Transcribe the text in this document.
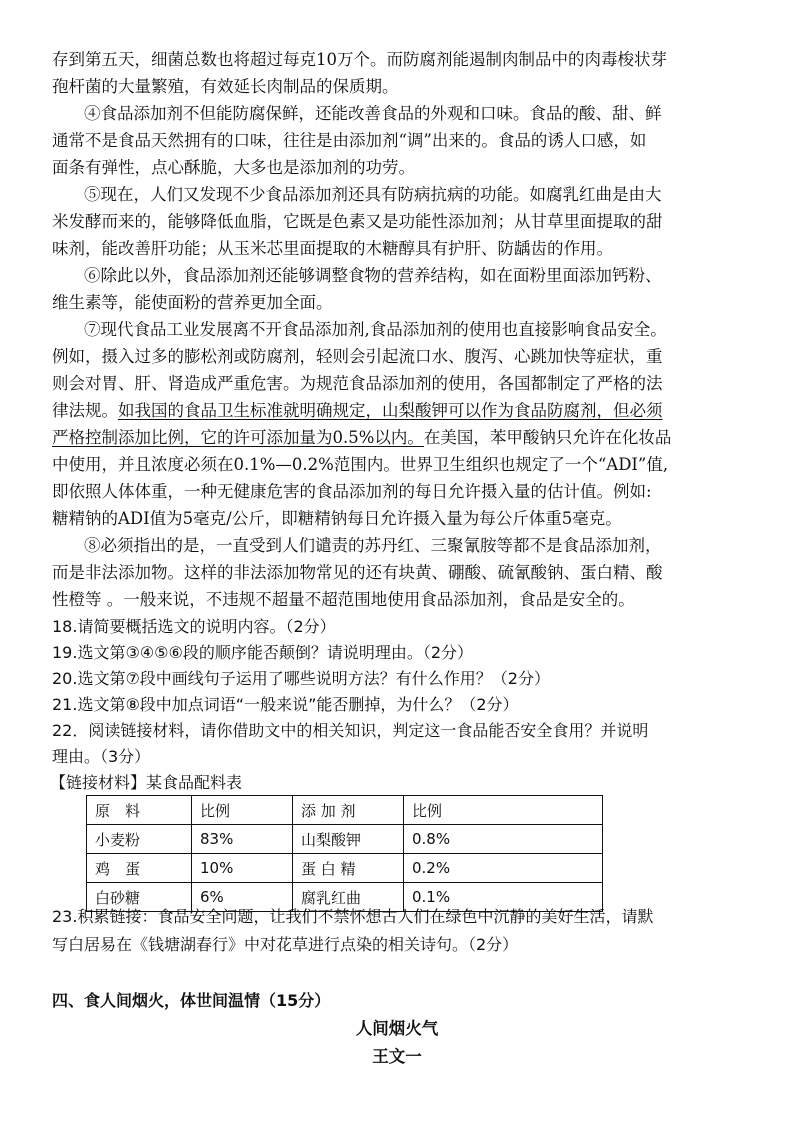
存到第五天，细菌总数也将超过每克10万个。而防腐剂能遏制肉制品中的肉毒梭状芽
孢杆菌的大量繁殖，有效延长肉制品的保质期。
④食品添加剂不但能防腐保鲜，还能改善食品的外观和口味。食品的酸、甜、鲜
通常不是食品天然拥有的口味，往往是由添加剂“调”出来的。食品的诱人口感，如
面条有弹性，点心酥脆，大多也是添加剂的功劳。
⑤现在，人们又发现不少食品添加剂还具有防病抗病的功能。如腐乳红曲是由大
米发酵而来的，能够降低血脂，它既是色素又是功能性添加剂；从甘草里面提取的甜
味剂，能改善肝功能；从玉米芯里面提取的木糖醇具有护肝、防龋齿的作用。
⑥除此以外，食品添加剂还能够调整食物的营养结构，如在面粉里面添加钙粉、
维生素等，能使面粉的营养更加全面。
⑦现代食品工业发展离不开食品添加剂,食品添加剂的使用也直接影响食品安全。
例如，摄入过多的膨松剂或防腐剂，轻则会引起流口水、腹泻、心跳加快等症状，重
则会对胃、肝、肾造成严重危害。为规范食品添加剂的使用，各国都制定了严格的法
律法规。如我国的食品卫生标准就明确规定，山梨酸钾可以作为食品防腐剂，但必须
严格控制添加比例，它的许可添加量为0.5%以内。在美国，苯甲酸钠只允许在化妆品
中使用，并且浓度必须在0.1%—0.2%范围内。世界卫生组织也规定了一个“ADI”值,
即依照人体体重，一种无健康危害的食品添加剂的每日允许摄入量的估计值。例如:
糖精钠的ADI值为5毫克/公斤，即糖精钠每日允许摄入量为每公斤体重5毫克。
⑧必须指出的是，一直受到人们谴责的苏丹红、三聚氰胺等都不是食品添加剂，
而是非法添加物。这样的非法添加物常见的还有块黄、硼酸、硫氰酸钠、蛋白精、酸
性橙等 。一般来说，不违规不超量不超范围地使用食品添加剂，食品是安全的。
18.请简要概括选文的说明内容。（2分）
19.选文第③④⑤⑥段的顺序能否颠倒？请说明理由。（2分）
20.选文第⑦段中画线句子运用了哪些说明方法？有什么作用？（2分）
21.选文第⑧段中加点词语“一般来说”能否删掉，为什么？（2分）
22．阅读链接材料，请你借助文中的相关知识，判定这一食品能否安全食用？并说明
理由。（3分）
【链接材料】某食品配料表
原　料	比例	添 加 剂	比例
小麦粉	83%	山梨酸钾	0.8%
鸡　蛋	10%	蛋 白 精	0.2%
白砂糖	6%	腐乳红曲	0.1%
23.积累链接：食品安全问题，让我们不禁怀想古人们在绿色中沉静的美好生活，请默
写白居易在《钱塘湖春行》中对花草进行点染的相关诗句。（2分）
四、食人间烟火，体世间温情（15分）
人间烟火气
王文一
